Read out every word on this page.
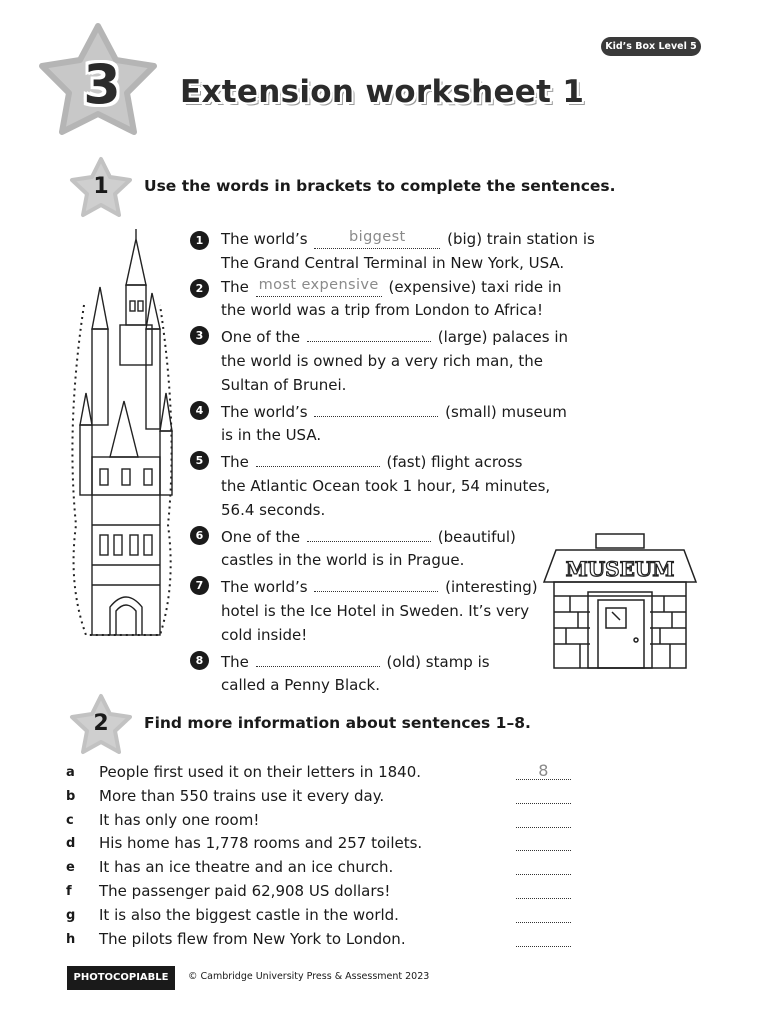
3	Extension worksheet 1
Kid’s Box Level 5
1	Use the words in brackets to complete the sentences.
1	The world’s	biggest	(big) train station is
The Grand Central Terminal in New York, USA.
2	The most expensive (expensive) taxi ride in
the world was a trip from London to Africa!
3	One of the	(large) palaces in
the world is owned by a very rich man, the
Sultan of Brunei.
4	The world’s	(small) museum
is in the USA.
5	The	(fast) flight across
the Atlantic Ocean took 1 hour, 54 minutes,
56.4 seconds.
6	One of the	(beautiful)
castles in the world is in Prague.
7	The world’s	(interesting)
hotel is the Ice Hotel in Sweden. It’s very
cold inside!
8	The	(old) stamp is
called a Penny Black.
MUSEUM
2	Find more information about sentences 1–8.
a	People first used it on their letters in 1840.	8
b	More than 550 trains use it every day.
c	It has only one room!
d	His home has 1,778 rooms and 257 toilets.
e	It has an ice theatre and an ice church.
f	The passenger paid 62,908 US dollars!
g	It is also the biggest castle in the world.
h	The pilots flew from New York to London.
PHOTOCOPIABLE	© Cambridge University Press & Assessment 2023
